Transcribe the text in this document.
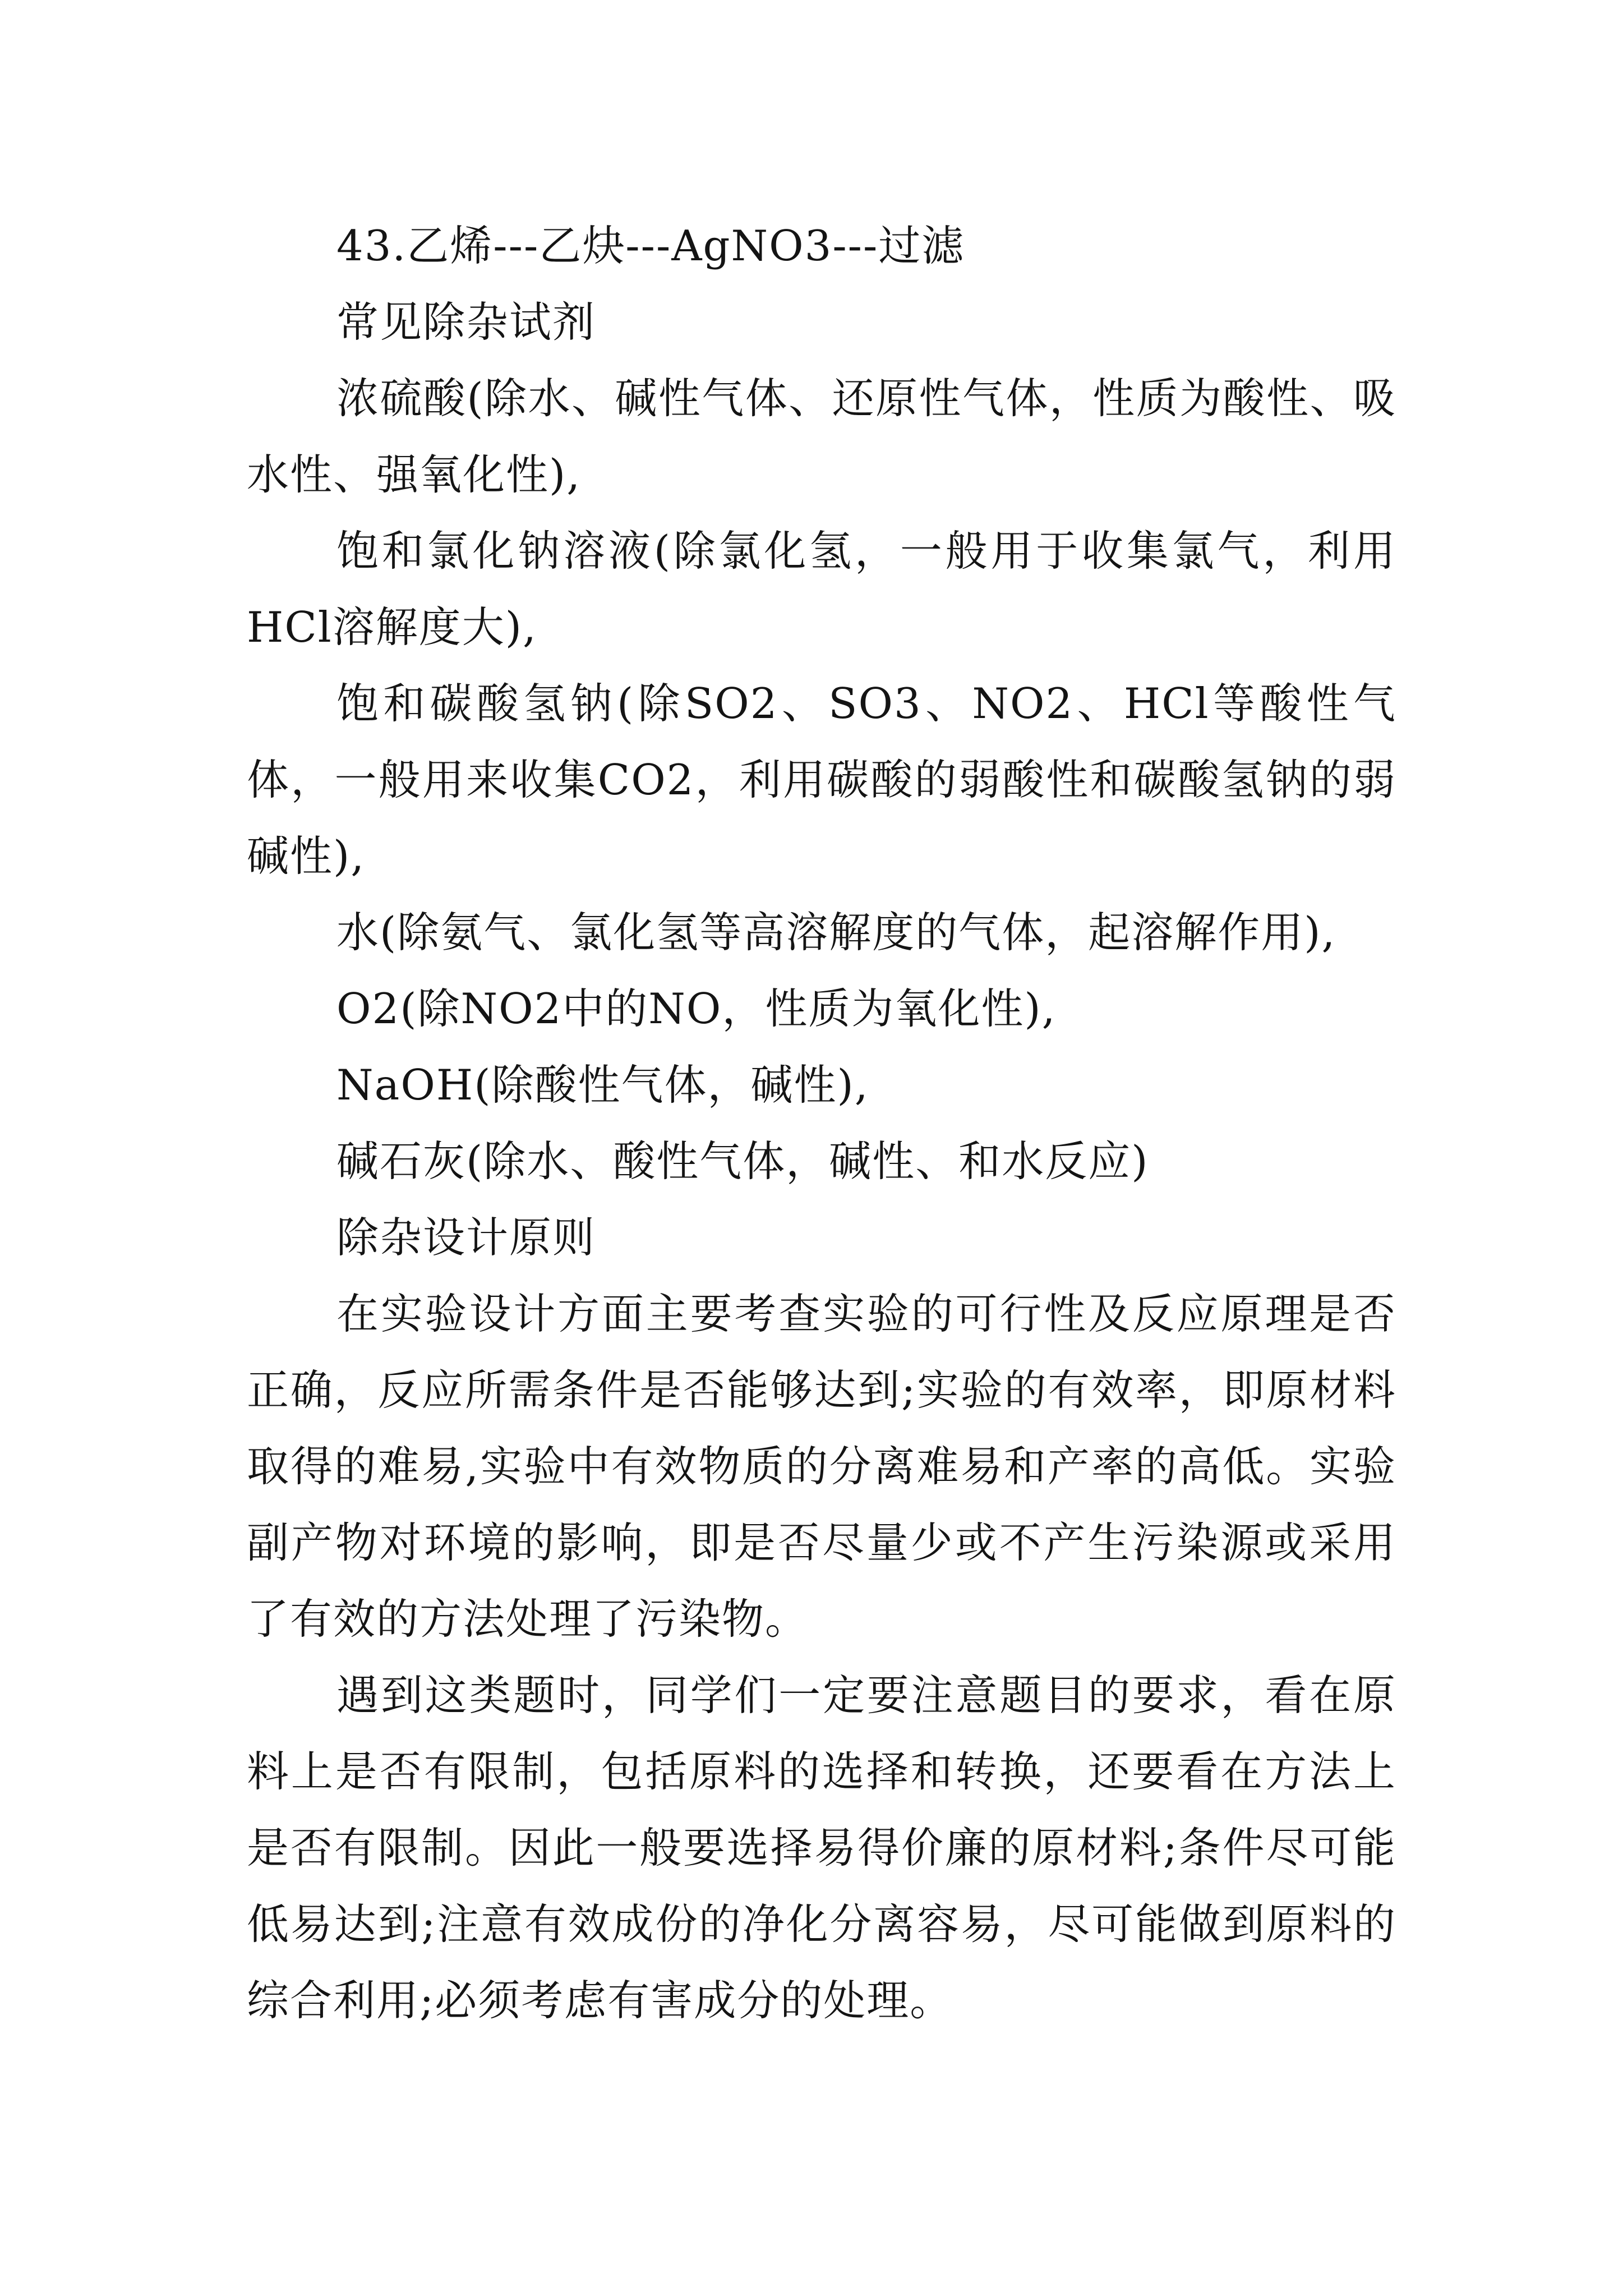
43.乙烯---乙炔---AgNO3---过滤

常见除杂试剂

浓硫酸(除水、碱性气体、还原性气体，性质为酸性、吸水性、强氧化性),

饱和氯化钠溶液(除氯化氢，一般用于收集氯气，利用HCl溶解度大),

饱和碳酸氢钠(除SO2、SO3、NO2、HCl等酸性气体，一般用来收集CO2，利用碳酸的弱酸性和碳酸氢钠的弱碱性),

水(除氨气、氯化氢等高溶解度的气体，起溶解作用),

O2(除NO2中的NO，性质为氧化性),

NaOH(除酸性气体，碱性),

碱石灰(除水、酸性气体，碱性、和水反应)

除杂设计原则

在实验设计方面主要考查实验的可行性及反应原理是否正确，反应所需条件是否能够达到;实验的有效率，即原材料取得的难易,实验中有效物质的分离难易和产率的高低。实验副产物对环境的影响，即是否尽量少或不产生污染源或采用了有效的方法处理了污染物。

遇到这类题时，同学们一定要注意题目的要求，看在原料上是否有限制，包括原料的选择和转换，还要看在方法上是否有限制。因此一般要选择易得价廉的原材料;条件尽可能低易达到;注意有效成份的净化分离容易，尽可能做到原料的综合利用;必须考虑有害成分的处理。
